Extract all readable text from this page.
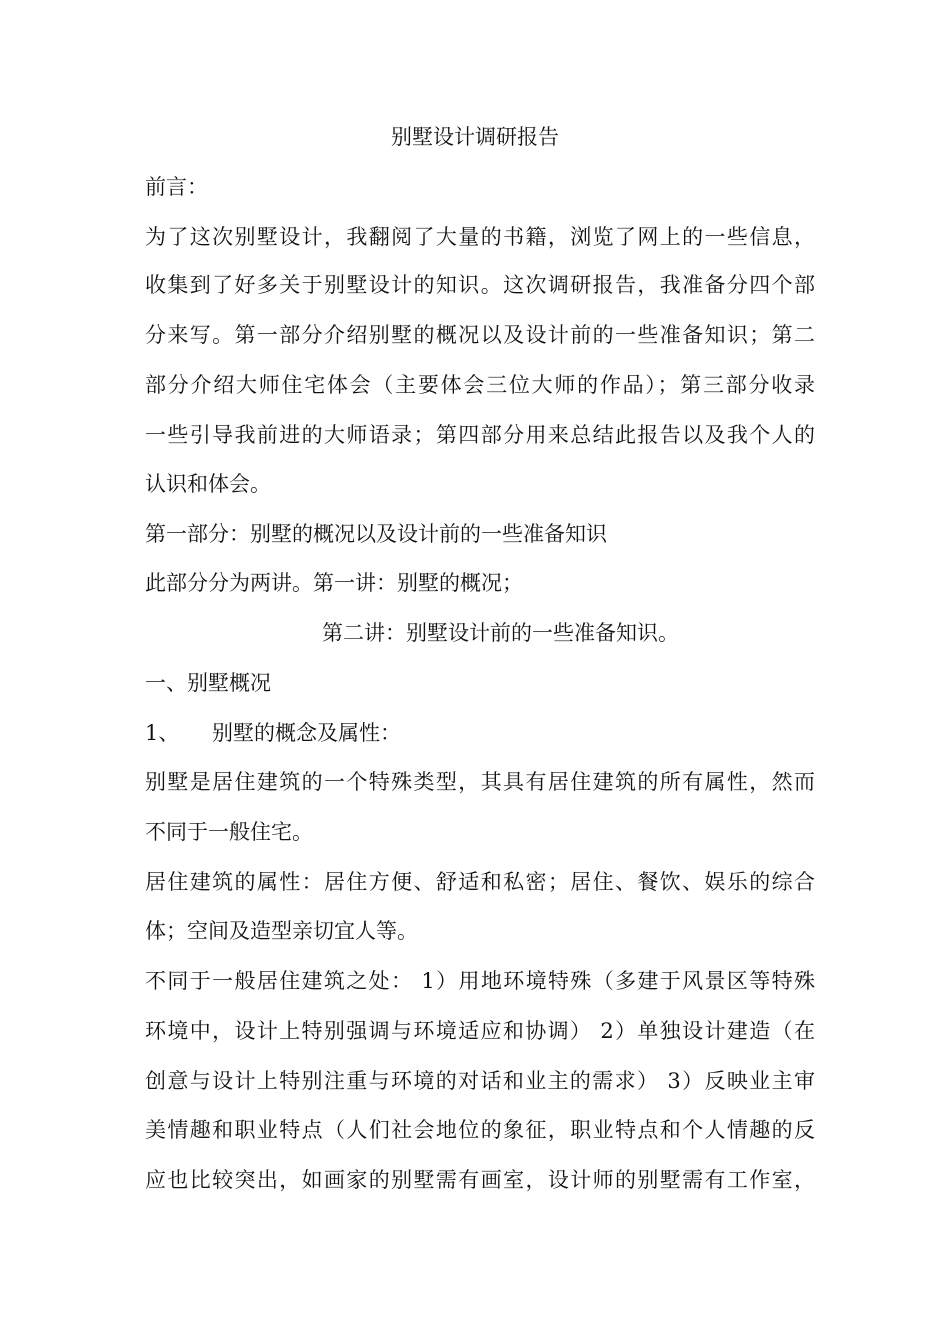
别墅设计调研报告
前言：
为了这次别墅设计，我翻阅了大量的书籍，浏览了网上的一些信息，
收集到了好多关于别墅设计的知识。这次调研报告，我准备分四个部
分来写。第一部分介绍别墅的概况以及设计前的一些准备知识；第二
部分介绍大师住宅体会（主要体会三位大师的作品）；第三部分收录
一些引导我前进的大师语录；第四部分用来总结此报告以及我个人的
认识和体会。
第一部分：别墅的概况以及设计前的一些准备知识
此部分分为两讲。第一讲：别墅的概况；
第二讲：别墅设计前的一些准备知识。
一、别墅概况
1、 别墅的概念及属性：
别墅是居住建筑的一个特殊类型，其具有居住建筑的所有属性，然而
不同于一般住宅。
居住建筑的属性：居住方便、舒适和私密；居住、餐饮、娱乐的综合
体；空间及造型亲切宜人等。
不同于一般居住建筑之处： 1）用地环境特殊（多建于风景区等特殊
环境中，设计上特别强调与环境适应和协调） 2）单独设计建造（在
创意与设计上特别注重与环境的对话和业主的需求） 3）反映业主审
美情趣和职业特点（人们社会地位的象征，职业特点和个人情趣的反
应也比较突出，如画家的别墅需有画室，设计师的别墅需有工作室，
